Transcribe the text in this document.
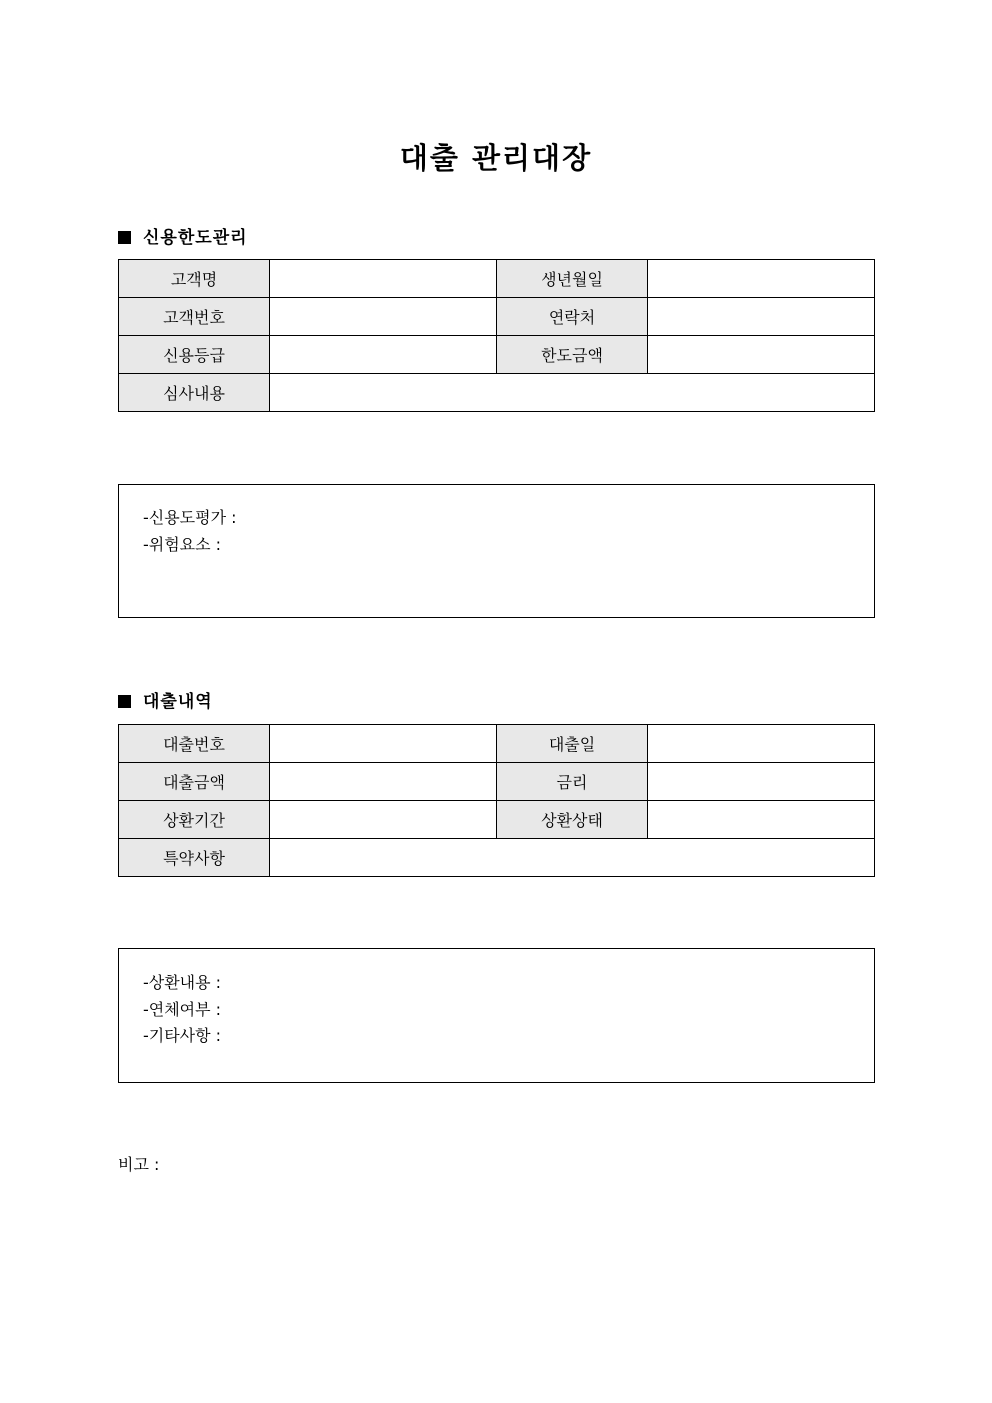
대출 관리대장
신용한도관리
고객명		생년월일	
고객번호		연락처	
신용등급		한도금액	
심사내용			
-신용도평가 :
-위험요소 :
대출내역
대출번호		대출일	
대출금액		금리	
상환기간		상환상태	
특약사항			
-상환내용 :
-연체여부 :
-기타사항 :
비고 :
